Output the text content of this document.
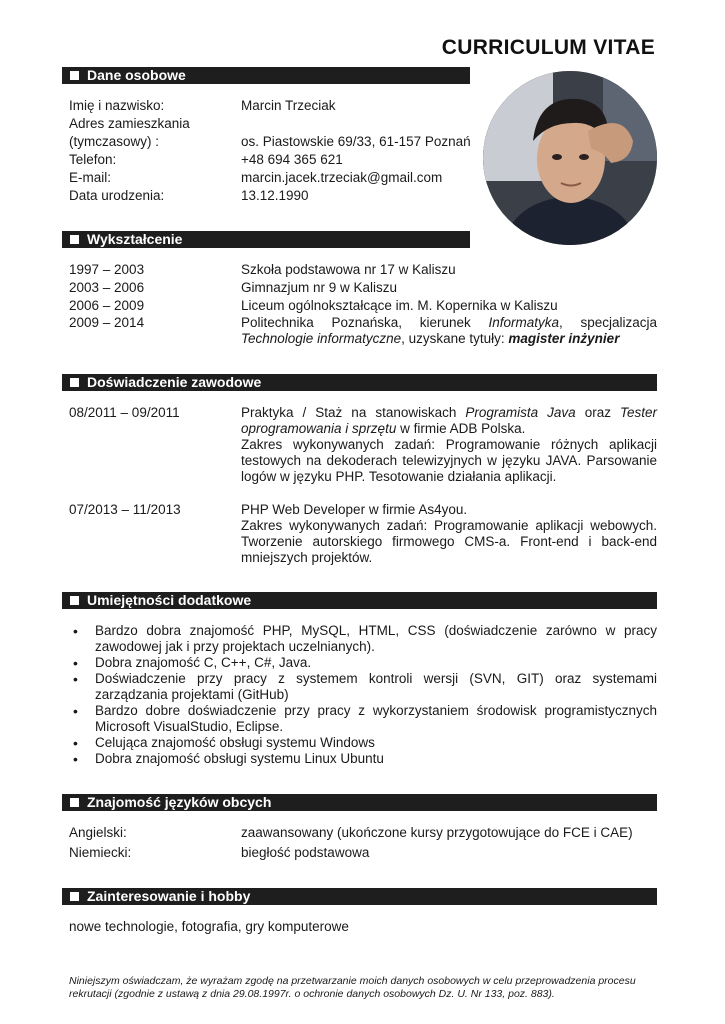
CURRICULUM VITAE
Dane osobowe
Imię i nazwisko:	Marcin Trzeciak
Adres zamieszkania
(tymczasowy) :	os. Piastowskie 69/33, 61-157 Poznań
Telefon:	+48 694 365 621
E-mail:	marcin.jacek.trzeciak@gmail.com
Data urodzenia:	13.12.1990
Wykształcenie
1997 – 2003	Szkoła podstawowa nr 17 w Kaliszu
2003 – 2006	Gimnazjum nr 9 w Kaliszu
2006 – 2009	Liceum ogólnokształcące im. M. Kopernika w Kaliszu
2009 – 2014	Politechnika Poznańska, kierunek Informatyka, specjalizacja Technologie informatyczne, uzyskane tytuły: magister inżynier
Doświadczenie zawodowe
08/2011 – 09/2011	Praktyka / Staż na stanowiskach Programista Java oraz Tester oprogramowania i sprzętu w firmie ADB Polska.
Zakres wykonywanych zadań: Programowanie różnych aplikacji testowych na dekoderach telewizyjnych w języku JAVA. Parsowanie logów w języku PHP. Tesotowanie działania aplikacji.
07/2013 – 11/2013	PHP Web Developer w firmie As4you.
Zakres wykonywanych zadań: Programowanie aplikacji webowych. Tworzenie autorskiego firmowego CMS-a. Front-end i back-end mniejszych projektów.
Umiejętności dodatkowe
• Bardzo dobra znajomość PHP, MySQL, HTML, CSS (doświadczenie zarówno w pracy zawodowej jak i przy projektach uczelnianych).
• Dobra znajomość C, C++, C#, Java.
• Doświadczenie przy pracy z systemem kontroli wersji (SVN, GIT) oraz systemami zarządzania projektami (GitHub)
• Bardzo dobre doświadczenie przy pracy z wykorzystaniem środowisk programistycznych Microsoft VisualStudio, Eclipse.
• Celująca znajomość obsługi systemu Windows
• Dobra znajomość obsługi systemu Linux Ubuntu
Znajomość języków obcych
Angielski:	zaawansowany (ukończone kursy przygotowujące do FCE i CAE)
Niemiecki:	biegłość podstawowa
Zainteresowanie i hobby
nowe technologie, fotografia, gry komputerowe
Niniejszym oświadczam, że wyrażam zgodę na przetwarzanie moich danych osobowych w celu przeprowadzenia procesu rekrutacji (zgodnie z ustawą z dnia 29.08.1997r. o ochronie danych osobowych Dz. U. Nr 133, poz. 883).
